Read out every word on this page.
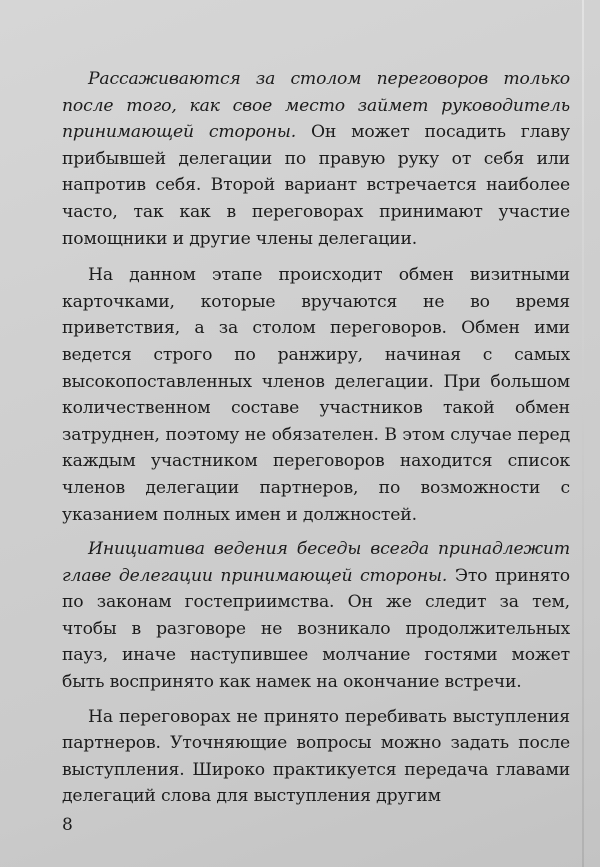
Рассаживаются за столом переговоров только после того, как свое место займет руководитель принимающей стороны. Он может посадить главу прибывшей делегации по правую руку от себя или напротив себя. Второй вариант встречается наиболее часто, так как в переговорах принимают участие помощники и другие члены делегации.

На данном этапе происходит обмен визитными карточками, которые вручаются не во время приветствия, а за столом переговоров. Обмен ими ведется строго по ранжиру, начиная с самых высокопоставленных членов делегации. При большом количественном составе участников такой обмен затруднен, поэтому не обязателен. В этом случае перед каждым участником переговоров находится список членов делегации партнеров, по возможности с указанием полных имен и должностей.

Инициатива ведения беседы всегда принадлежит главе делегации принимающей стороны. Это принято по законам гостеприимства. Он же следит за тем, чтобы в разговоре не возникало продолжительных пауз, иначе наступившее молчание гостями может быть воспринято как намек на окончание встречи.

На переговорах не принято перебивать выступления партнеров. Уточняющие вопросы можно задать после выступления. Широко практикуется передача главами делегаций слова для выступления другим

8
